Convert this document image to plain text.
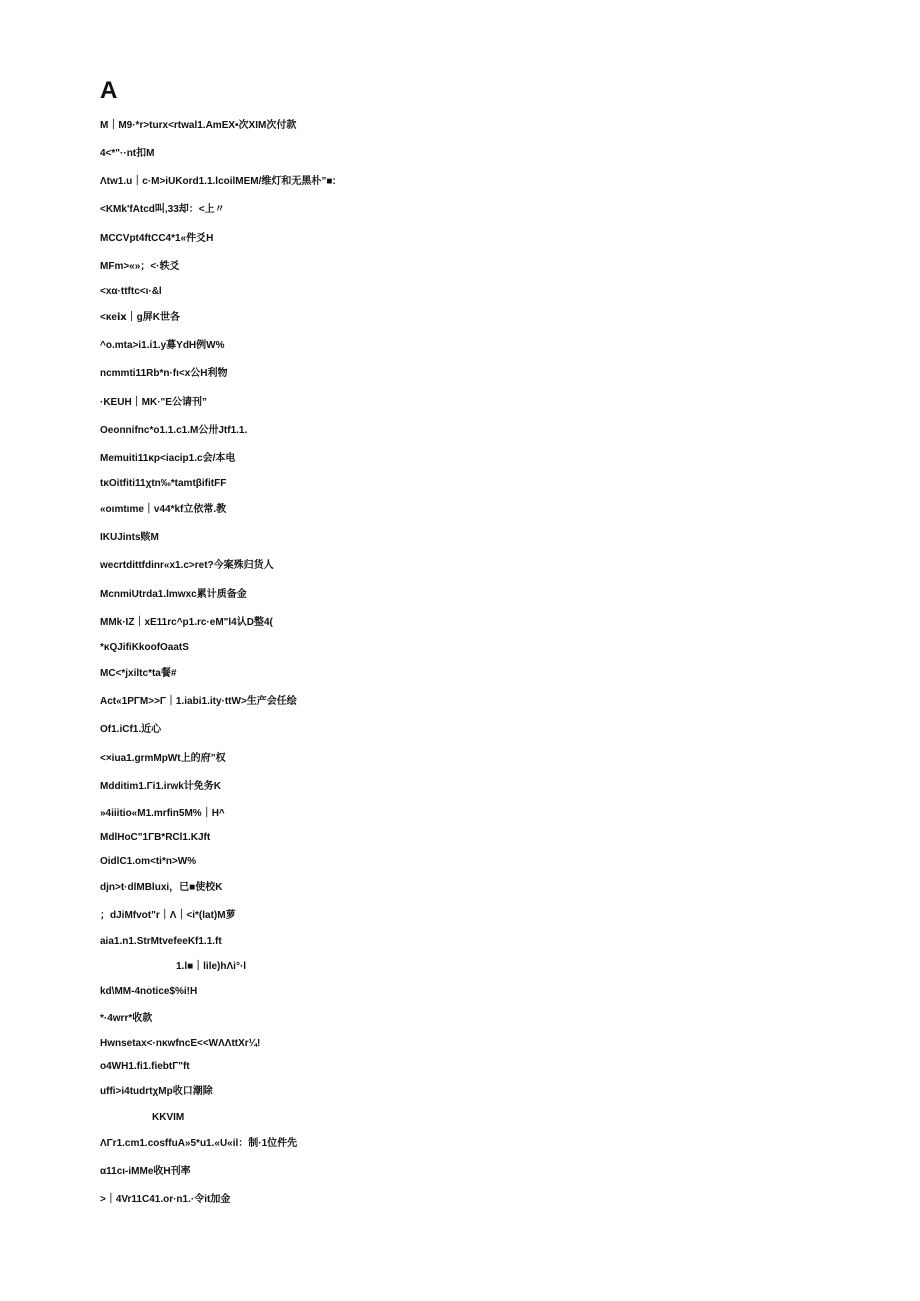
A

M｜M9·*r>turx<rtwal1.AmEX•次XIM次付款

4<*"··nt扣M

Λtw1.u｜c·M>iUKord1.1.lcoilMEM/维灯和无黑朴”■:

<KMk'fAtcd叫,33却：<上〃

MCCVpt4ftCC4*1«件爻H

MFm>«»；<·轶爻

<xα·ttftc<ι·&l

<κeⅸ｜g屏K世各

^o.mta>i1.i1.y募YdH例W%

ncmmti11Rb*n·fι<x公H利物

·KEUH｜MK·"E公请刊”

Oeonnifnc*o1.1.c1.M公卅Jtf1.1.

Memuiti11κp<iacip1.c会/本电

tκOitfiti11χtn‰*tamtβifitFF

«oιmtιme｜v44*kf立依常.教

IKUJints赅M

wecrtdittfdinr«x1.c>ret?今案殊归货人

McnmiUtrda1.lmwxc累计质备金

MMk·IZ｜xE11rc^p1.rc·eM"l4认D整4(

*κQJifiKkoofOaatS

MC<*jxiltc*ta餐#

Act«1PΓM>>Γ｜1.iabi1.ity·ttW>生产会任绘

Of1.iCf1.近心

<×iua1.grmMpWt上的府”权

Mdditim1.Γi1.irwk计免务K

»4iiitio«M1.mrfin5M%｜H^

MdlHoC"1ΓB*RCl1.KJft

OidlC1.om<ti*n>W%

djn>t·dlMBluxi，已■使校K

；dJiMfvot"r｜Λ｜<i*(lat)M萝

aia1.n1.StrMtvefeeKf1.1.ft

1.l■｜lile)hΛi°·l

kd\MM-4notice$%i!H

*·4wrr*收款

Hwnsetax<·nκwfncE<<WΛΛttXr¼!

o4WH1.fi1.fiebtΓ"ft

uffi>i4tudrtχMp收口潮除

KKVIM

ΛΓr1.cm1.cosffuA»5*u1.«U«il：制·1位件先

α11cι-iMMe收H刊率

>｜4Vr11C41.or·n1.·令it加金
